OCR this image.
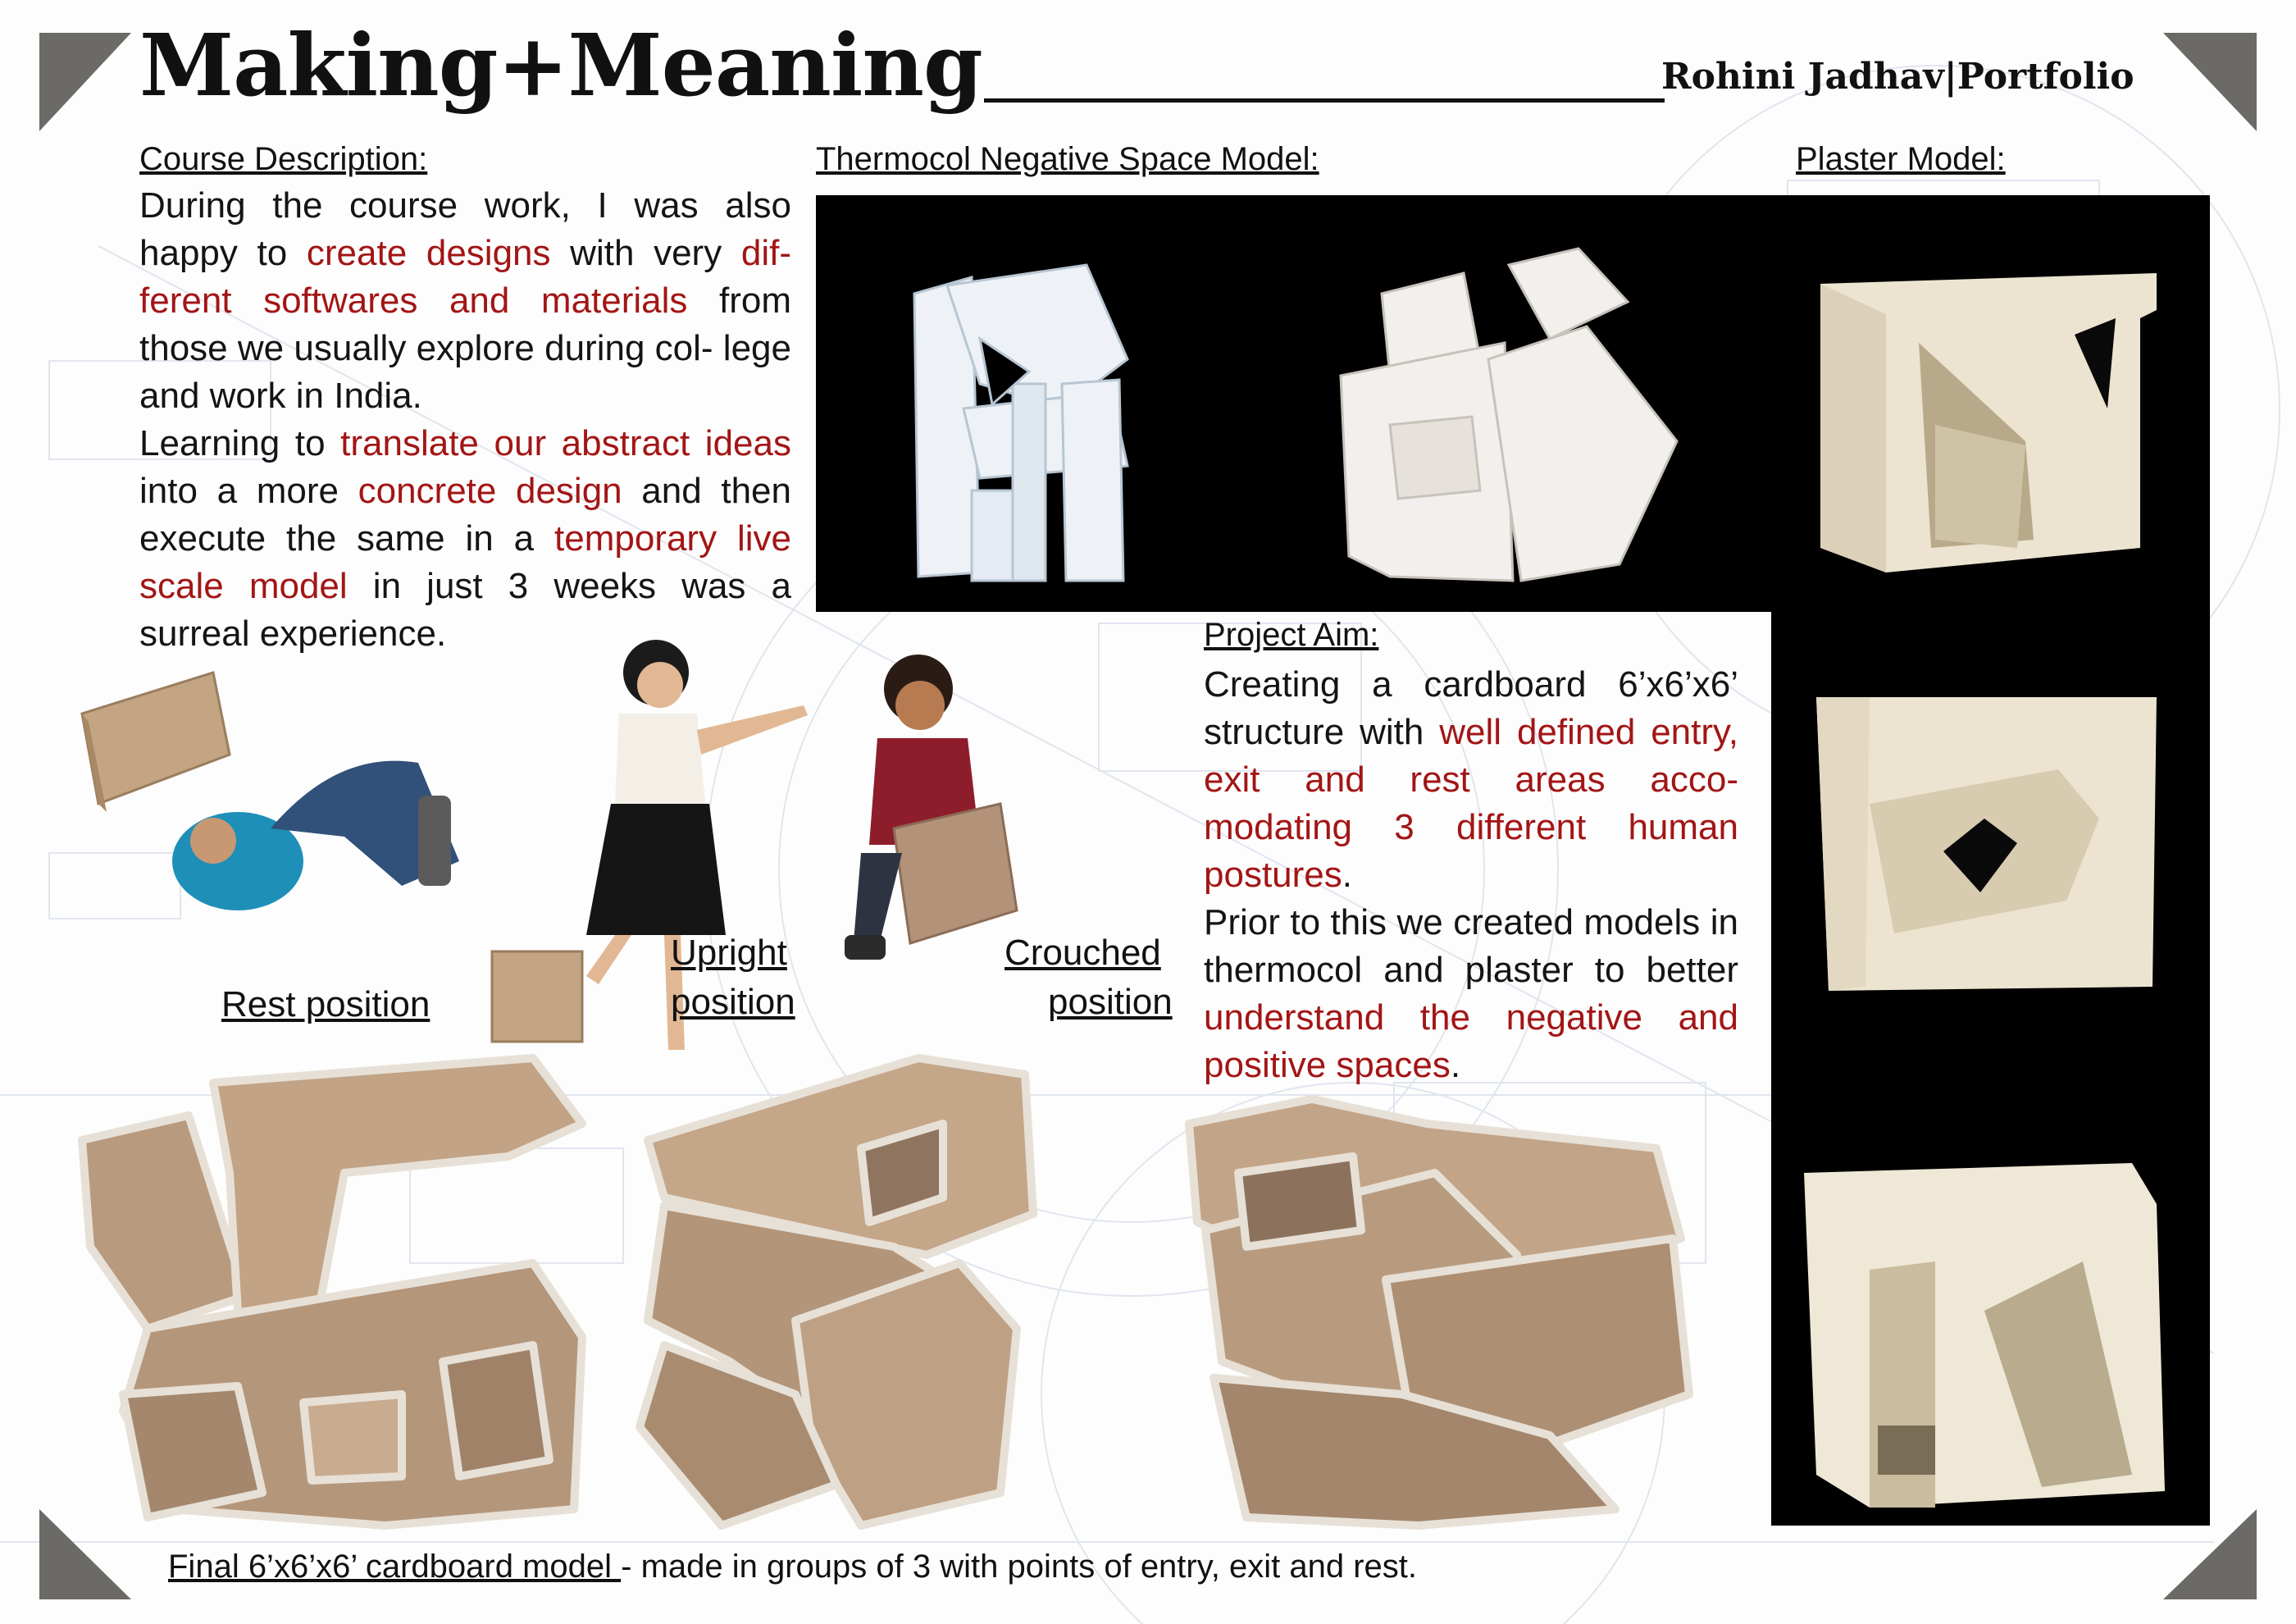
Making+Meaning	Rohini Jadhav|Portfolio
Course Description:

During the course work, I was also happy to create designs with very dif- ferent softwares and materials from those we usually explore during col- lege and work in India.

Learning to translate our abstract ideas into a more concrete design and then execute the same in a temporary live scale model in just 3 weeks was a surreal experience.

Thermocol Negative Space Model:	Plaster Model:
Project Aim:

Creating a cardboard 6’x6’x6’ structure with well defined entry, exit and rest areas acco- modating 3 different human postures.

Prior to this we created models in thermocol and plaster to better understand the negative and positive spaces.

Rest position
Upright
position
Crouched
position
Final 6’x6’x6’ cardboard model - made in groups of 3 with points of entry, exit and rest.
